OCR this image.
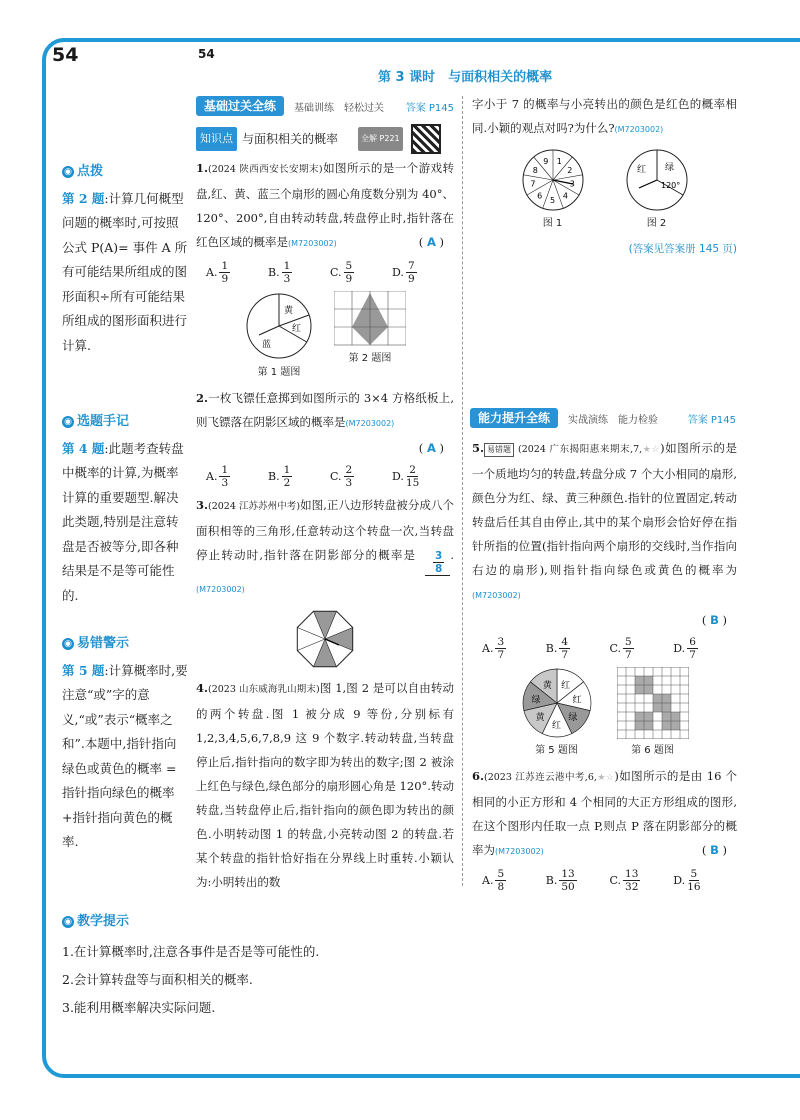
54	54
第 3 课时　与面积相关的概率
基础过关全练	基础训练 轻松过关 答案 P145
◉ 点拨
第 2 题:计算几何概型问题的概率时,可按照公式 P(A)= 事件 A 所有可能结果所组成的图形面积÷所有可能结果所组成的图形面积进行计算.
◉ 选题手记
第 4 题:此题考查转盘中概率的计算,为概率计算的重要题型.解决此类题,特别是注意转盘是否被等分,即各种结果是不是等可能性的.
◉ 易错警示
第 5 题:计算概率时,要注意“或”字的意义,“或”表示“概率之和”.本题中,指针指向绿色或黄色的概率 = 指针指向绿色的概率+指针指向黄色的概率.
知识点 与面积相关的概率	全解 P221
1.(2024 陕西西安长安期末)如图所示的是一个游戏转盘,红、黄、蓝三个扇形的圆心角度数分别为 40°、120°、200°,自由转动转盘,转盘停止时,指针落在红色区域的概率是(M7203002)	( A )
A. $\frac{1}{9}$	B. $\frac{1}{3}$	C. $\frac{5}{9}$	D. $\frac{7}{9}$
黄
红
蓝
第 1 题图
第 2 题图
2.一枚飞镖任意掷到如图所示的 3×4 方格纸板上,则飞镖落在阴影区域的概率是(M7203002)
( A )
A. $\frac{1}{3}$	B. $\frac{1}{2}$	C. $\frac{2}{3}$	D. $\frac{2}{15}$
3.(2024 江苏苏州中考)如图,正八边形转盘被分成八个面积相等的三角形,任意转动这个转盘一次,当转盘停止转动时,指针落在阴影部分的概率是 $\frac{3}{8} .(M7203002)$
4.(2023 山东威海乳山期末)图 1,图 2 是可以自由转动的两个转盘.图 1 被分成 9 等份,分别标有 1,2,3,4,5,6,7,8,9 这 9 个数字.转动转盘,当转盘停止后,指针指向的数字即为转出的数字;图 2 被涂上红色与绿色,绿色部分的扇形圆心角是 120°.转动转盘,当转盘停止后,指针指向的颜色即为转出的颜色.小明转动图 1 的转盘,小亮转动图 2 的转盘.若某个转盘的指针恰好指在分界线上时重转.小颖认为:小明转出的数
字小于 7 的概率与小亮转出的颜色是红色的概率相同.小颖的观点对吗?为什么?(M7203002)
1
2
3
4
5
6
7
8
9
图 1
红 绿
120°
图 2
(答案见答案册 145 页)
能力提升全练	实战演练 能力检验	答案 P145
5. 易错题 (2024 广东揭阳惠来期末,7,★☆)如图所示的是一个质地均匀的转盘,转盘分成 7 个大小相同的扇形,颜色分为红、绿、黄三种颜色.指针的位置固定,转动转盘后任其自由停止,其中的某个扇形会恰好停在指针所指的位置(指针指向两个扇形的交线时,当作指向右边的扇形),则指针指向绿色或黄色的概率为(M7203002)
( B )
A. $\frac{3}{7}$	B. $\frac{4}{7}$	C. $\frac{5}{7}$	D. $\frac{6}{7}$
红
红
绿
红
黄
绿
黄
第 5 题图	第 6 题图
6.(2023 江苏连云港中考,6,★☆)如图所示的是由 16 个相同的小正方形和 4 个相同的大正方形组成的图形,在这个图形内任取一点 P,则点 P 落在阴影部分的概率为(M7203002)	( B )
A. $\frac{5}{8}$	B. $\frac{13}{50}$	C. $\frac{13}{32}$	D. $\frac{5}{16}$
◉ 教学提示
1.在计算概率时,注意各事件是否是等可能性的.
2.会计算转盘等与面积相关的概率.
3.能利用概率解决实际问题.
